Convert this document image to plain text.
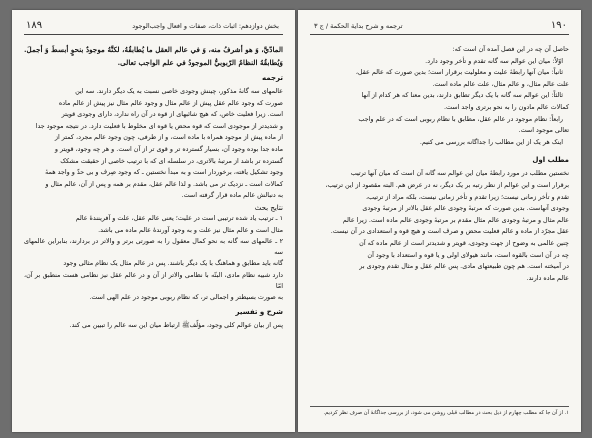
۱۸۹	بخش دوازدهم: اثبات ذات، صفات و افعال واجب‌الوجود

المادّيَّ، وَ هو أشرفُ منه، وَ في عالم العقل ما يُطابقُهُ، لكنَّهُ موجودٌ بنحوٍ أبسطَ وَ أجملَ. وَيُطابقُهُ النظامُ الرّبوبيُّ الموجودُ في علم الواجب تعالى.

ترجمه

عالمهای سه گانهٔ مذکور، چینش وجودی خاصی نسبت به یک دیگر دارند. سه این

صورت که وجود عالم عقل پیش از عالم مثال و وجود عالم مثال نیز پیش از عالم ماده

است. زیرا فعلیت خاص، که هیچ شائبهای از قوه در آن راه ندارد، دارای وجودی قویتر

و شدیدتر از موجودی است که قوه محض یا قوه ای مخلوط با فعلیت دارد. در نتیجه موجود جدا

از ماده پیش از موجود همراه با ماده است، و از طرفی، چون وجود عالم مجرد، کمتر از

ماده جدا بوده وجود آن، بسیار گسترده تر و قوی تر از آن است. و هر چه وجود، قویتر و

گسترده تر باشد از مرتبهٔ بالاتری، در سلسله ای که با ترتیب خاصی از حقیقت مشکک

وجود تشکیل یافته، برخوردار است و به مبدأ نخستین ـ که وجود صِرف و بی حدّ و واجد همهٔ

کمالات است ـ نزدیک تر می باشد. و لذا عالم عقل، مقدم بر همه و پس از آن، عالم مثال و

به دنبالش عالم ماده قرار گرفته است.

نتایج بحث

۱ ـ ترتیب یاد شده ترتیبی است در علیت؛ یعنی عالم عقل، علت و آفرینندهٔ عالم

مثال است و عالم مثال نیز علت و به وجود آورندهٔ عالم ماده می باشد.

۲ ـ عالمهای سه گانه به نحو کمال معقول را به صورتی برتر و والاتر در بردارند، بنابراین عالمهای سه

گانه باید مطابق و هماهنگ با یک دیگر باشند. پس در عالم مثال یک نظام مثالی وجود

دارد شبیه نظام مادی، البتّه با نظامی والاتر از آن و در عالم عقل نیز نظامی هست منطبق بر آن، امّا

به صورت بسیطتر و اجمالی تر، که نظام ربوبی موجود در علم الهی است.

شرح و تفسیر

پس از بیان عوالم کلی وجود، مؤلّف‌ﷺ ارتباط میان این سه عالم را تبیین می کند.

۱۹۰
ترجمه و شرح بدایة الحكمة / ج ۳

حاصل آن چه در این فصل آمده آن است که:

اوّلاً: میان این عوالم سه گانه تقدم و تأخر وجود دارد.

ثانیاً: میان آنها رابطهٔ علیت و معلولیت برقرار است؛ بدین صورت که عالم عقل،

علت عالم مثال، و عالم مثال، علت عالم ماده است.

ثالثاً: این عوالم سه گانه با یک دیگر تطابق دارند، بدین معنا که هر کدام از آنها

کمالات عالم مادون را به نحو برتری واجد است.

رابعاً: نظام موجود در عالم عقل، مطابق با نظام ربوبی است که در علم واجب

تعالی موجود است.

اینک هر یک از این مطالب را جداگانه بررسی می کنیم.

مطلب اول

نخستین مطلب در مورد رابطهٔ میان این عوالم سه گانه آن است که میان آنها ترتیب

برقرار است و این عوالم از نظر رتبه بر یک دیگر، نه در عرض هم. البته مقصود از این ترتیب،

تقدم و تأخر زمانی نیست؛ زیرا تقدم و تأخر زمانی نیست، بلکه مراد از ترتیب،

وجودی آنهاست. بدین صورت که مرتبهٔ وجودی عالم عقل بالاتر از مرتبهٔ وجودی

عالم مثال و مرتبهٔ وجودی عالم مثال مقدم بر مرتبهٔ وجودی عالم ماده است. زیرا عالم

عقل مجرّد از ماده و عالم فعلیت محض و صرف است و هیچ قوه و استعدادی در آن نیست.

چنین عالمی به وضوح از جهت وجودی، قویتر و شدیدتر است از عالم ماده که آن

چه در آن است بالقوه است، مانند هیولای اولی و یا قوه و استعداد با وجود آن

در آمیخته است. هم چون طبیعتهای مادی. پس عالم عقل و مثال تقدم وجودی بر

عالم ماده دارند.

۱. از آن جا که مطلب چهارم از ذیل بحث در مطالب قبلی روشن می شود، از بررسی جداگانهٔ آن صرف نظر کردیم.
